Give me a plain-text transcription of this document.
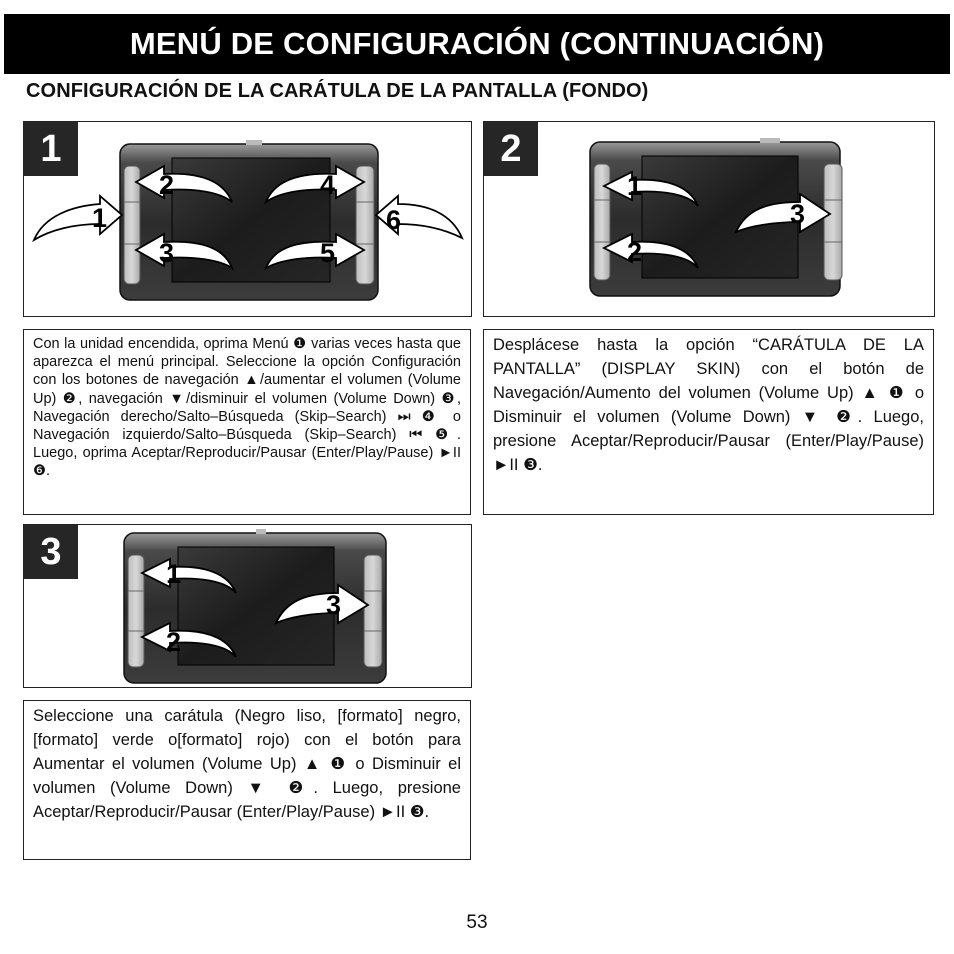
MENÚ DE CONFIGURACIÓN (CONTINUACIÓN)
CONFIGURACIÓN DE LA CARÁTULA DE LA PANTALLA (FONDO)
1
2
3
4
5
6
1
1
2
3
2
Con la unidad encendida, oprima Menú ❶ varias veces hasta que aparezca el menú principal. Seleccione la opción Configuración con los botones de navegación ▲/aumentar el volumen (Volume Up) ❷, navegación ▼/disminuir el volumen (Volume Down) ❸, Navegación derecho/Salto–Búsqueda (Skip–Search) ⏭ ❹ o Navegación izquierdo/Salto–Búsqueda (Skip–Search) ⏮ ❺. Luego, oprima Aceptar/Reproducir/Pausar (Enter/Play/Pause) ►II ❻.
Desplácese hasta la opción “CARÁTULA DE LA PANTALLA” (DISPLAY SKIN) con el botón de Navegación/Aumento del volumen (Volume Up) ▲ ❶ o Disminuir el volumen (Volume Down) ▼ ❷. Luego, presione Aceptar/Reproducir/Pausar (Enter/Play/Pause) ►II ❸.
1
2
3
3
Seleccione una carátula (Negro liso, [formato] negro, [formato] verde o[formato] rojo) con el botón para Aumentar el volumen (Volume Up) ▲ ❶ o Disminuir el volumen (Volume Down) ▼ ❷. Luego, presione Aceptar/Reproducir/Pausar (Enter/Play/Pause) ►II ❸.
53
